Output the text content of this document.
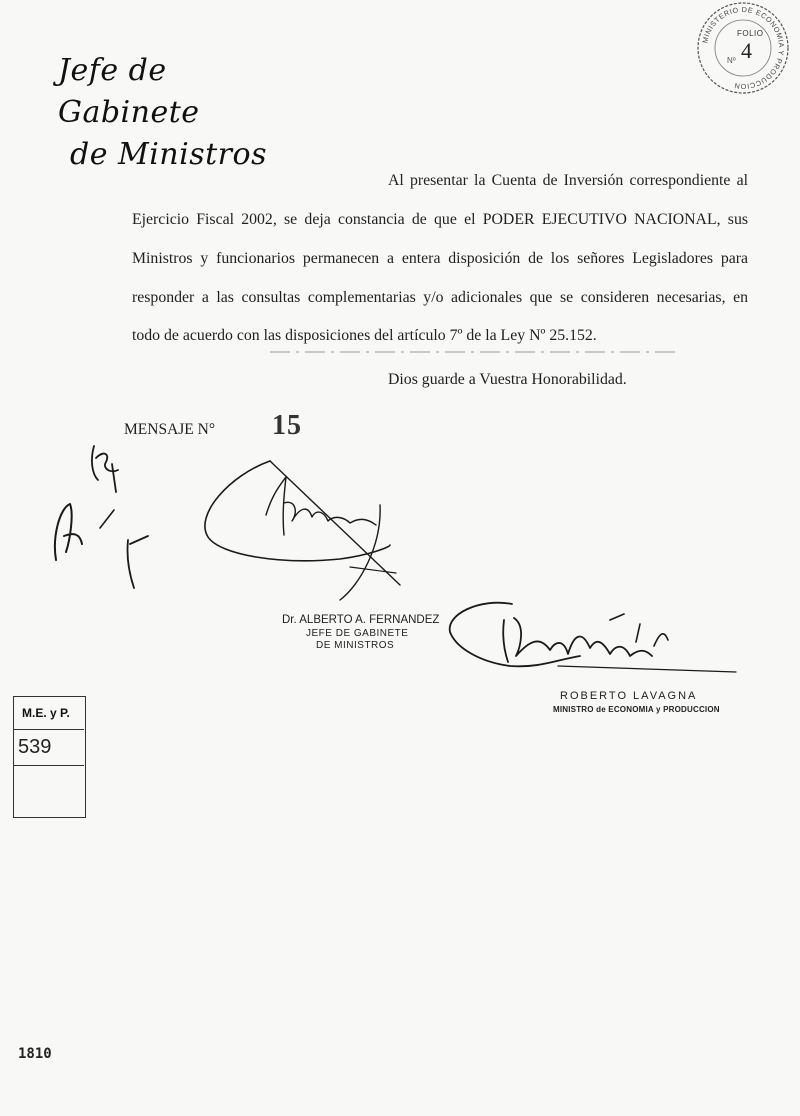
Jefe de Gabinete
de Ministros
MINISTERIO DE ECONOMIA Y PRODUCCION
FOLIO
4
Nº
Al presentar la Cuenta de Inversión correspondiente al
Ejercicio Fiscal 2002, se deja constancia de que el PODER EJECUTIVO NACIONAL, sus
Ministros y funcionarios permanecen a entera disposición de los señores Legisladores para
responder a las consultas complementarias y/o adicionales que se consideren necesarias, en
todo de acuerdo con las disposiciones del artículo 7º de la Ley Nº 25.152.
Dios guarde a Vuestra Honorabilidad.
MENSAJE N° 15
Dr. ALBERTO A. FERNANDEZ
JEFE DE GABINETE
DE MINISTROS
ROBERTO LAVAGNA
MINISTRO de ECONOMIA y PRODUCCION
M.E. y P.
539
1810
